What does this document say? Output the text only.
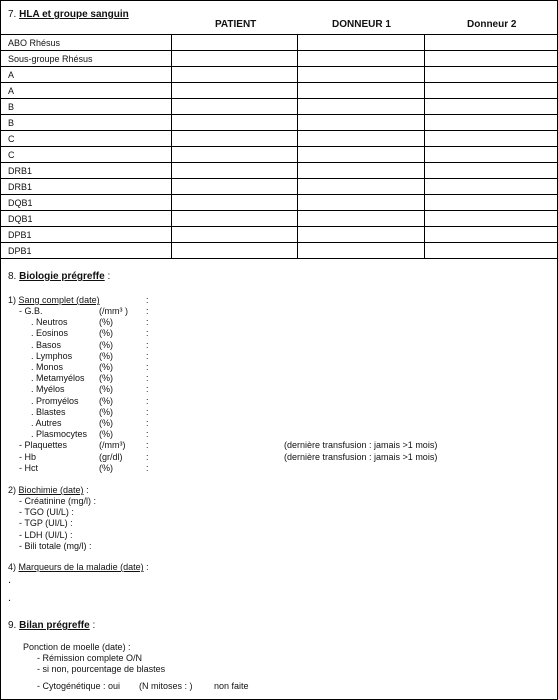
7. HLA et groupe sanguin
PATIENT	DONNEUR 1	Donneur 2
ABO Rhésus			
Sous-groupe Rhésus			
A			
A			
B			
B			
C			
C			
DRB1			
DRB1			
DQB1			
DQB1			
DPB1			
DPB1			
8. Biologie prégreffe :
1) Sang complet (date)	:
- G.B.	(/mm³ ) :
. Neutros	(%)	:
. Eosinos	(%)	:
. Basos	(%)	:
. Lymphos	(%)	:
. Monos	(%)	:
. Metamyélos (%)	:
. Myélos	(%)	:
. Promyélos (%)	:
. Blastes	(%)	:
. Autres	(%)	:
. Plasmocytes (%)	:
- Plaquettes	(/mm³) :	(dernière transfusion : jamais >1 mois)
- Hb	(gr/dl)	:	(dernière transfusion : jamais >1 mois)
- Hct	(%)	:
2) Biochimie (date) :
- Créatinine (mg/l) :
- TGO (UI/L) :
- TGP (UI/L) :
- LDH (UI/L) :
- Bili totale (mg/l) :
4) Marqueurs de la maladie (date) :
.
.
9. Bilan prégreffe :
Ponction de moelle (date) :
- Rémission complete O/N
- si non, pourcentage de blastes
- Cytogénétique : oui (N mitoses : ) non faite
